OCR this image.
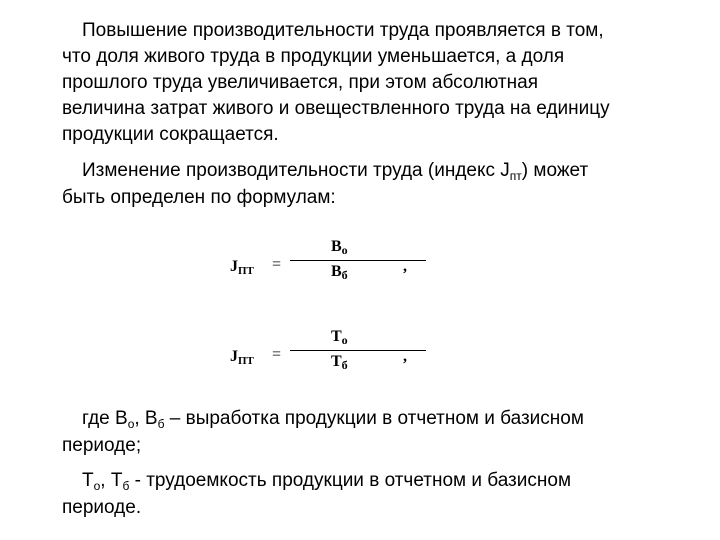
Повышение производительности труда проявляется в том,
что доля живого труда в продукции уменьшается, а доля
прошлого труда увеличивается, при этом абсолютная
величина затрат живого и овеществленного труда на единицу
продукции сокращается.
Изменение производительности труда (индекс $J_{пт}$) может
быть определен по формулам:
JПТ =
Во
Вб	,
JПТ =
То
Тб	,
где $В_о$, $В_б$ – выработка продукции в отчетном и базисном
периоде;
$Т_о$, $Т_б$ - трудоемкость продукции в отчетном и базисном
периоде.
